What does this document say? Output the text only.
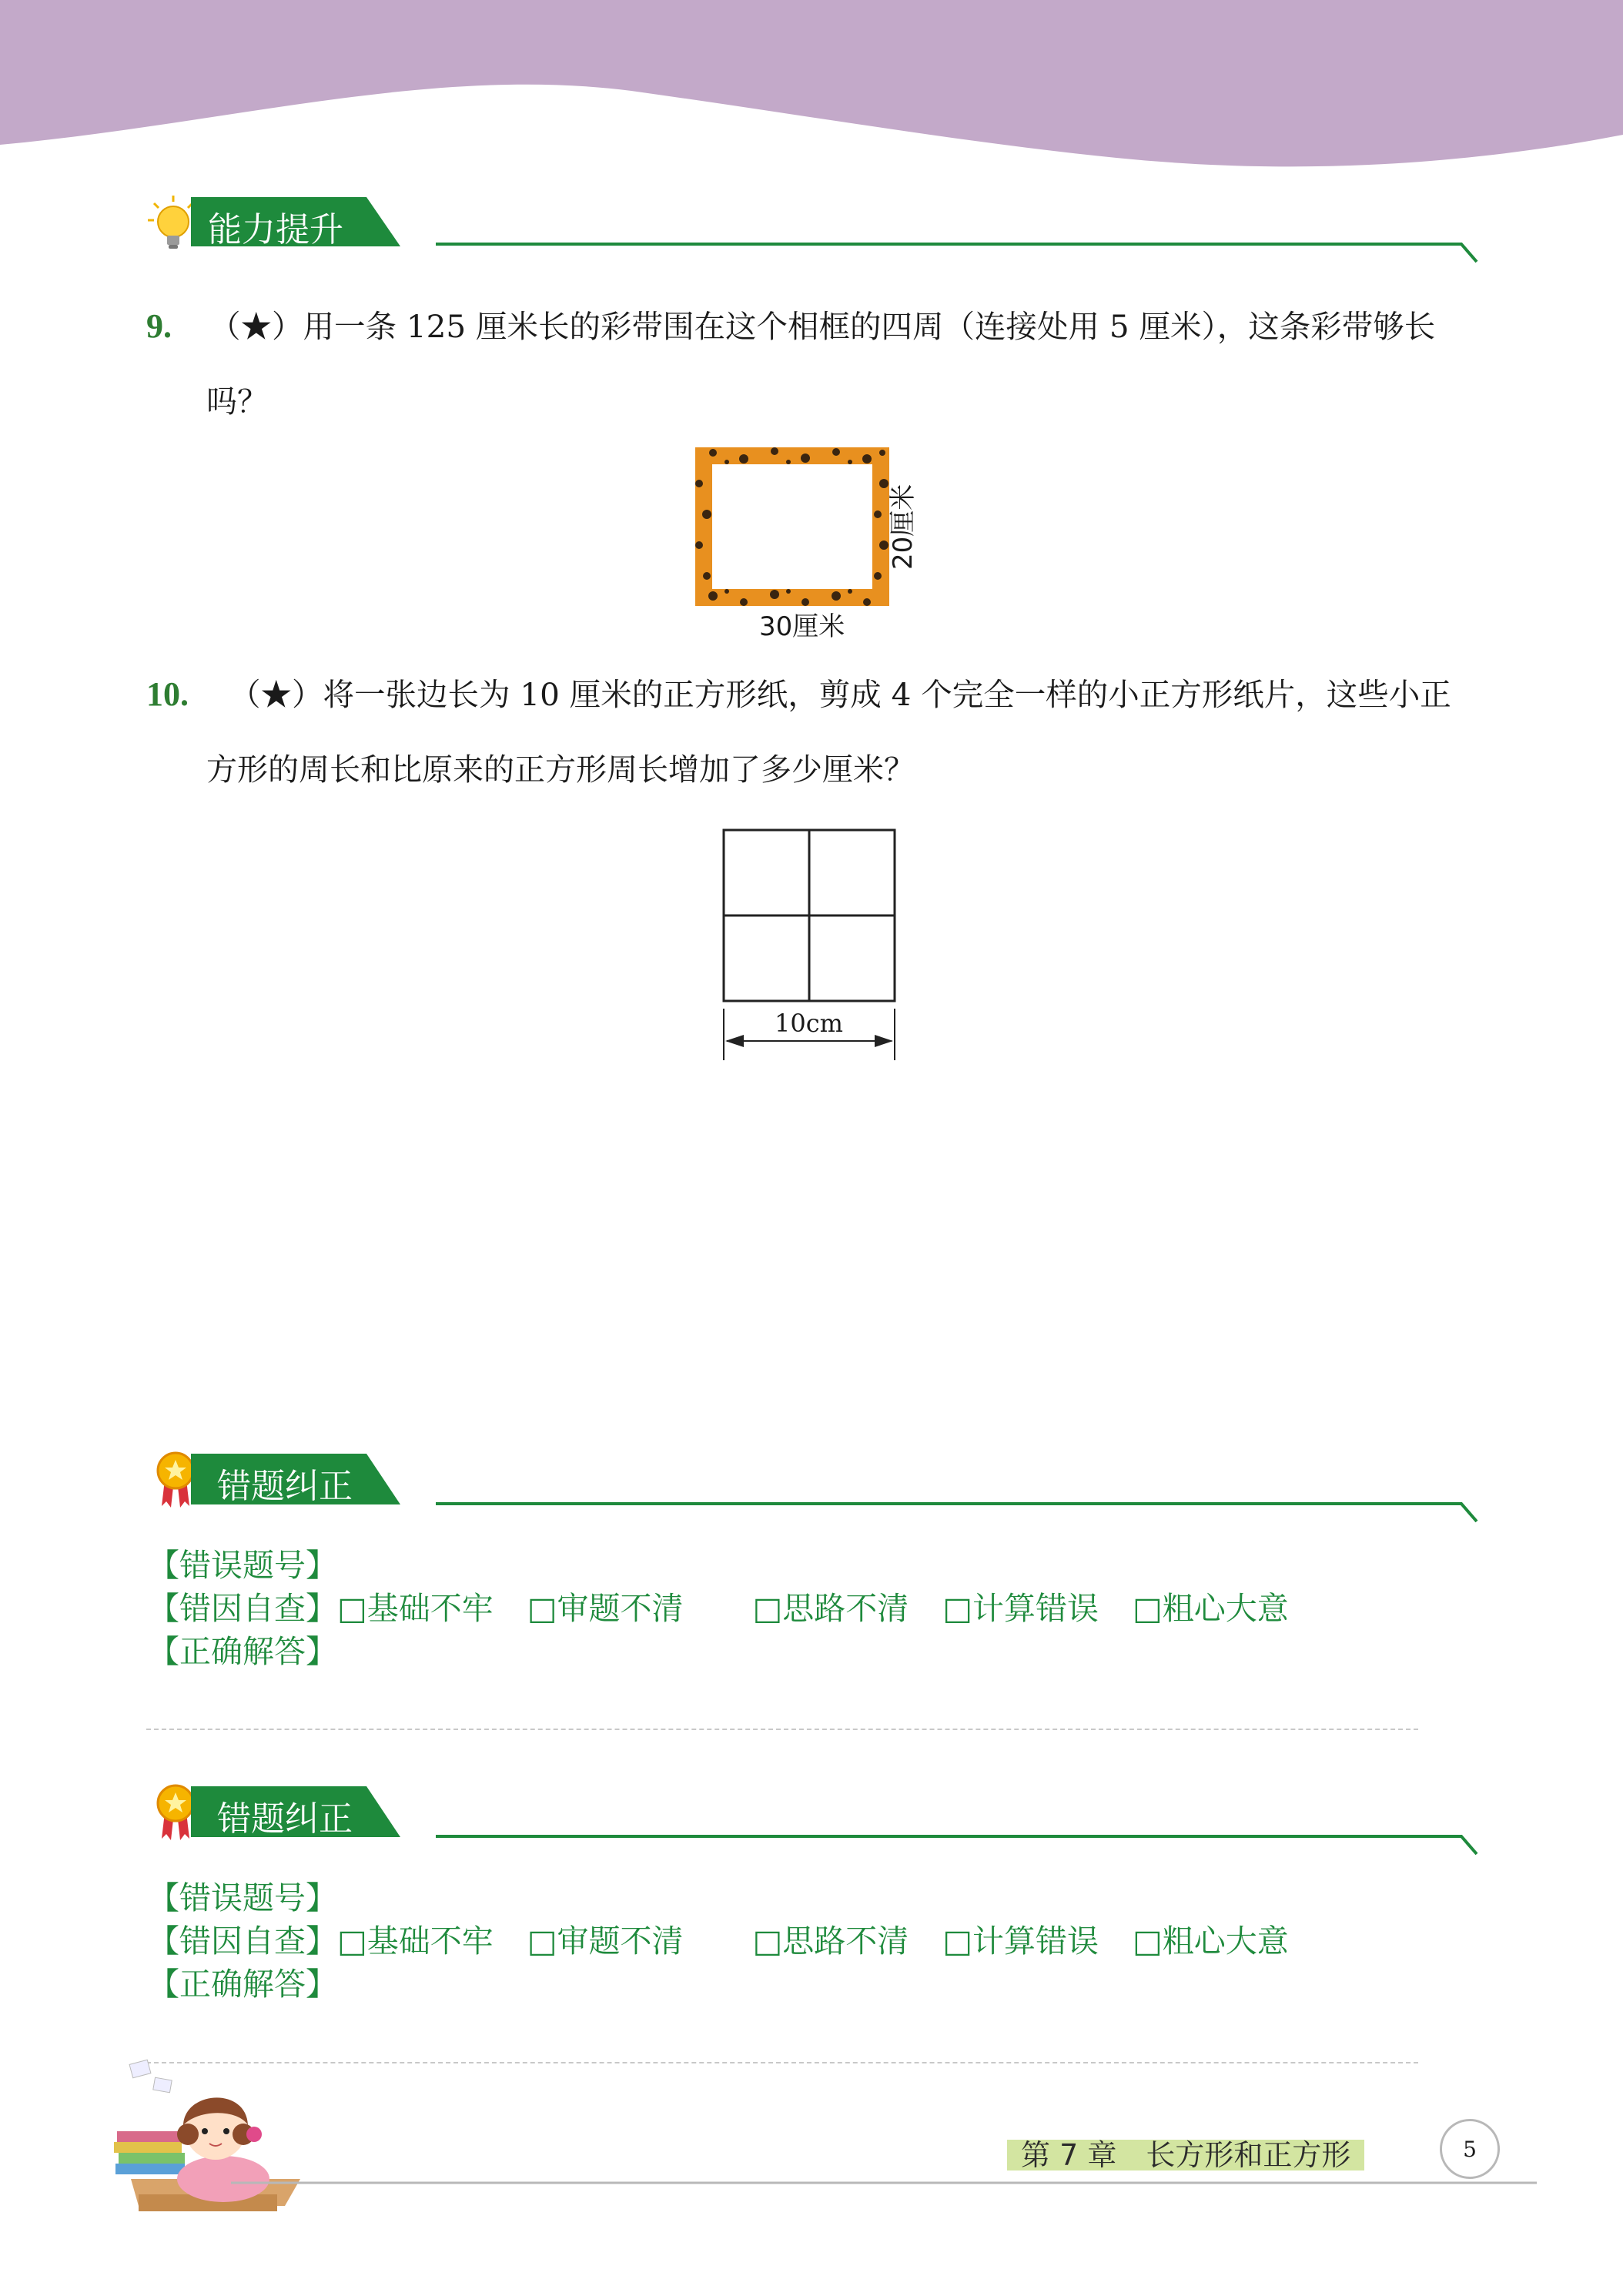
能力提升
9. （★）用一条 125 厘米长的彩带围在这个相框的四周（连接处用 5 厘米），这条彩带够长
吗？
20厘米
30厘米
10. （★）将一张边长为 10 厘米的正方形纸，剪成 4 个完全一样的小正方形纸片，这些小正
方形的周长和比原来的正方形周长增加了多少厘米？
10cm
错题纠正
【错误题号】
【错因自查】□基础不牢 □审题不清 □思路不清 □计算错误 □粗心大意
【正确解答】
错题纠正
【错误题号】
【错因自查】□基础不牢 □审题不清 □思路不清 □计算错误 □粗心大意
【正确解答】
第 7 章　长方形和正方形	5
